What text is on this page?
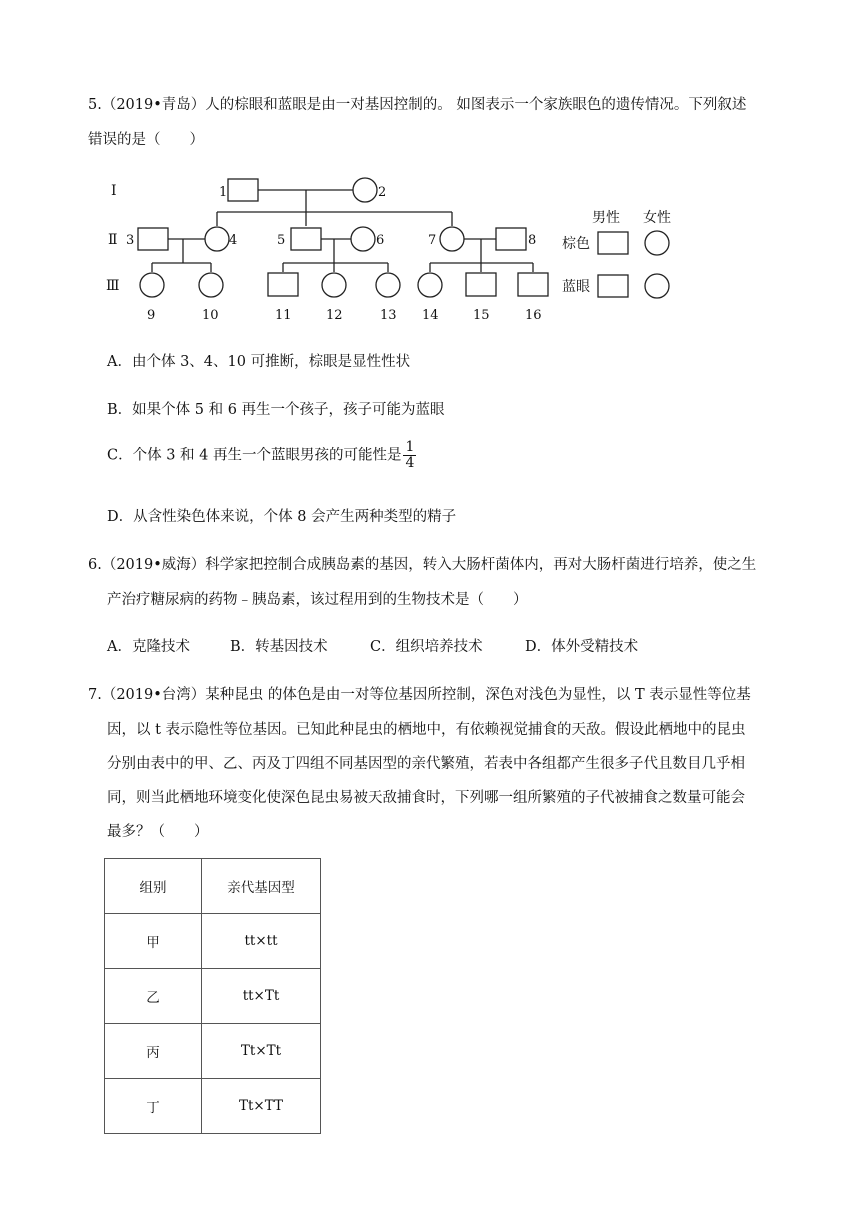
5.（2019•青岛）人的棕眼和蓝眼是由一对基因控制的。 如图表示一个家族眼色的遗传情况。下列叙述
错误的是（　　）
Ⅰ
Ⅱ
Ⅲ
1	2
3	4	5	6	7	8
9	10	11	12	13 14	15	16
男性 女性
棕色
蓝眼
A．由个体 3、4、10 可推断，棕眼是显性性状
B．如果个体 5 和 6 再生一个孩子，孩子可能为蓝眼
C．个体 3 和 4 再生一个蓝眼男孩的可能性是 $\frac{1}{4}$
D．从含性染色体来说，个体 8 会产生两种类型的精子
6.（2019•威海）科学家把控制合成胰岛素的基因，转入大肠杆菌体内，再对大肠杆菌进行培养，使之生
产治疗糖尿病的药物﹣胰岛素，该过程用到的生物技术是（　　）
A．克隆技术	B．转基因技术	C．组织培养技术	D．体外受精技术
7.（2019•台湾）某种昆虫 的体色是由一对等位基因所控制，深色对浅色为显性，以 T 表示显性等位基
因，以 t 表示隐性等位基因。已知此种昆虫的栖地中，有依赖视觉捕食的天敌。假设此栖地中的昆虫
分别由表中的甲、乙、丙及丁四组不同基因型的亲代繁殖，若表中各组都产生很多子代且数目几乎相
同，则当此栖地环境变化使深色昆虫易被天敌捕食时，下列哪一组所繁殖的子代被捕食之数量可能会
最多？（　　）
组别	亲代基因型
甲	tt×tt
乙	tt×Tt
丙	Tt×Tt
丁	Tt×TT
